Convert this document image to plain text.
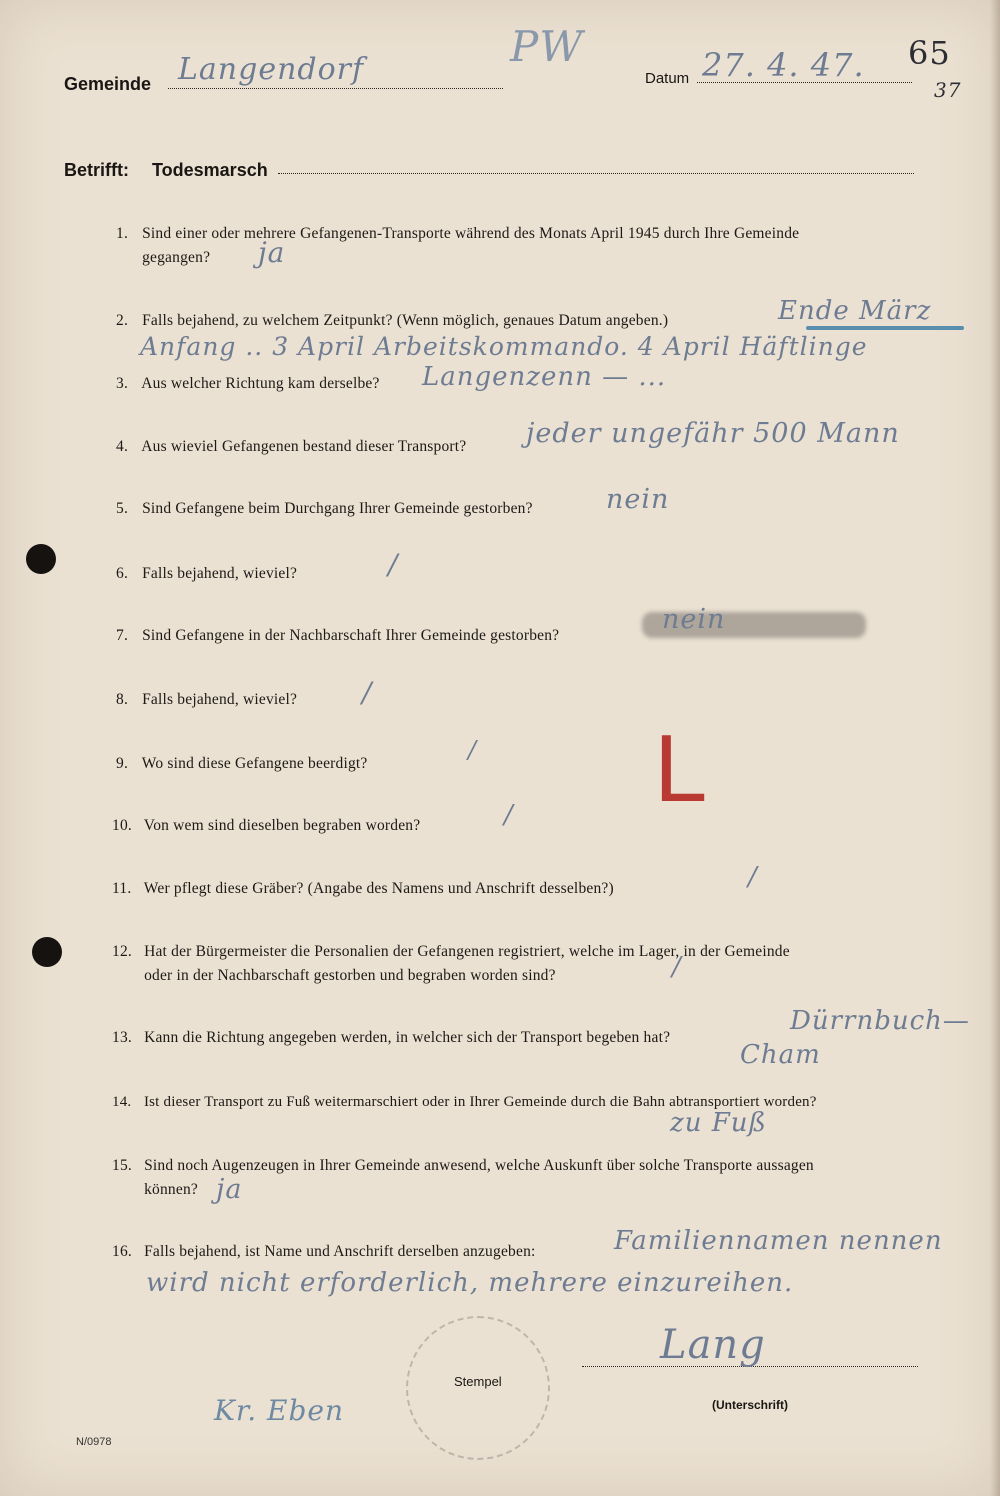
Gemeinde Langendorf	PW
Datum 27. 4. 47. 65
37
Betrifft: Todesmarsch
1. Sind einer oder mehrere Gefangenen-Transporte während des Monats April 1945 durch Ihre Gemeinde
gegangen?	ja
2. Falls bejahend, zu welchem Zeitpunkt? (Wenn möglich, genaues Datum angeben.)	Ende März
Anfang .. 3 April Arbeitskommando. 4 April Häftlinge
3. Aus welcher Richtung kam derselbe? Langenzenn — ...
4. Aus wieviel Gefangenen bestand dieser Transport? jeder ungefähr 500 Mann
5. Sind Gefangene beim Durchgang Ihrer Gemeinde gestorben?	nein
6. Falls bejahend, wieviel?	/
7. Sind Gefangene in der Nachbarschaft Ihrer Gemeinde gestorben?
nein
8. Falls bejahend, wieviel? /
9. Wo sind diese Gefangene beerdigt?	/ L
10. Von wem sind dieselben begraben worden?	/
11. Wer pflegt diese Gräber? (Angabe des Namens und Anschrift desselben?)	/
12. Hat der Bürgermeister die Personalien der Gefangenen registriert, welche im Lager, in der Gemeinde
oder in der Nachbarschaft gestorben und begraben worden sind?	/
13. Kann die Richtung angegeben werden, in welcher sich der Transport begeben hat?
Dürrnbuch—
Cham
14. Ist dieser Transport zu Fuß weitermarschiert oder in Ihrer Gemeinde durch die Bahn abtransportiert worden?
zu Fuß
15. Sind noch Augenzeugen in Ihrer Gemeinde anwesend, welche Auskunft über solche Transporte aussagen
können? ja
16. Falls bejahend, ist Name und Anschrift derselben anzugeben:	Familiennamen nennen
wird nicht erforderlich, mehrere einzureihen.
Stempel
Lang
(Unterschrift)
Kr. Eben
N/0978
